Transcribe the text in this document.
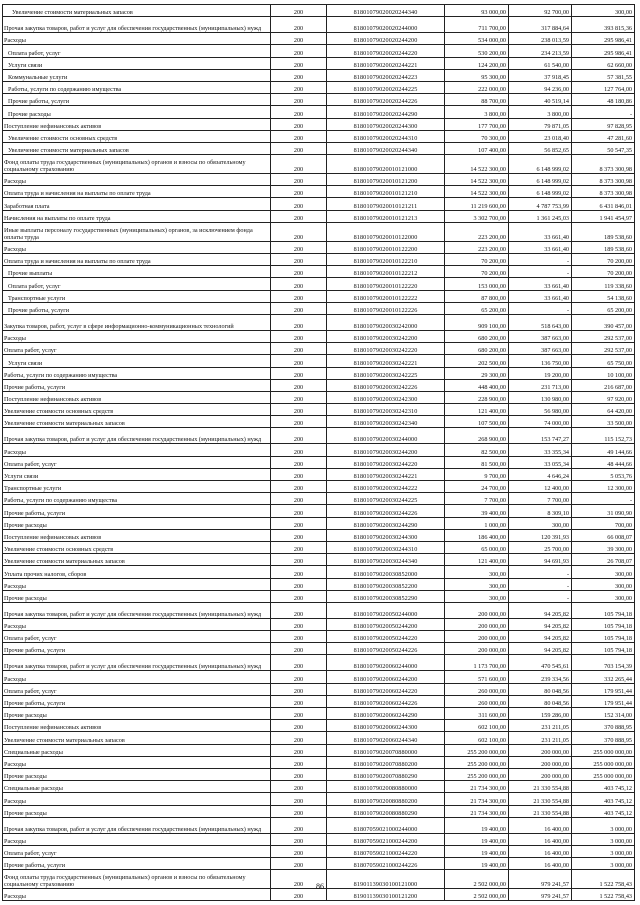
Увеличение стоимости материальных запасов	200	81801079020020244340	93 000,00	92 700,00	300,00
Прочая закупка товаров, работ и услуг для обеспечения государственных (муниципальных) нужд	200	81801079020020244000	711 700,00	317 884,64	393 815,36
Расходы	200	81801079020020244200	534 000,00	238 013,59	295 986,41
Оплата работ, услуг	200	81801079020020244220	530 200,00	234 213,59	295 986,41
Услуги связи	200	81801079020020244221	124 200,00	61 540,00	62 660,00
Коммунальные услуги	200	81801079020020244223	95 300,00	37 918,45	57 381,55
Работы, услуги по содержанию имущества	200	81801079020020244225	222 000,00	94 236,00	127 764,00
Прочие работы, услуги	200	81801079020020244226	88 700,00	40 519,14	48 180,86
Прочие расходы	200	81801079020020244290	3 800,00	3 800,00	-
Поступление нефинансовых активов	200	81801079020020244300	177 700,00	79 871,05	97 828,95
Увеличение стоимости основных средств	200	81801079020020244310	70 300,00	23 018,40	47 281,60
Увеличение стоимости материальных запасов	200	81801079020020244340	107 400,00	56 852,65	50 547,35
Фонд оплаты труда государственных (муниципальных) органов и взносы по обязательному социальному страхованию	200	81801079020010121000	14 522 300,00	6 148 999,02	8 373 300,98
Расходы	200	81801079020010121200	14 522 300,00	6 148 999,02	8 373 300,98
Оплата труда и начисления на выплаты по оплате труда	200	81801079020010121210	14 522 300,00	6 148 999,02	8 373 300,98
Заработная плата	200	81801079020010121211	11 219 600,00	4 787 753,99	6 431 846,01
Начисления на выплаты по оплате труда	200	81801079020010121213	3 302 700,00	1 361 245,03	1 941 454,97
Иные выплаты персоналу государственных (муниципальных) органов, за исключением фонда оплаты труда	200	81801079020010122000	223 200,00	33 661,40	189 538,60
Расходы	200	81801079020010122200	223 200,00	33 661,40	189 538,60
Оплата труда и начисления на выплаты по оплате труда	200	81801079020010122210	70 200,00	-	70 200,00
Прочие выплаты	200	81801079020010122212	70 200,00	-	70 200,00
Оплата работ, услуг	200	81801079020010122220	153 000,00	33 661,40	119 338,60
Транспортные услуги	200	81801079020010122222	87 800,00	33 661,40	54 138,60
Прочие работы, услуги	200	81801079020010122226	65 200,00	-	65 200,00
Закупка товаров, работ, услуг в сфере информационно-коммуникационных технологий	200	81801079020030242000	909 100,00	518 643,00	390 457,00
Расходы	200	81801079020030242200	680 200,00	387 663,00	292 537,00
Оплата работ, услуг	200	81801079020030242220	680 200,00	387 663,00	292 537,00
Услуги связи	200	81801079020030242221	202 500,00	136 750,00	65 750,00
Работы, услуги по содержанию имущества	200	81801079020030242225	29 300,00	19 200,00	10 100,00
Прочие работы, услуги	200	81801079020030242226	448 400,00	231 713,00	216 687,00
Поступление нефинансовых активов	200	81801079020030242300	228 900,00	130 980,00	97 920,00
Увеличение стоимости основных средств	200	81801079020030242310	121 400,00	56 980,00	64 420,00
Увеличение стоимости материальных запасов	200	81801079020030242340	107 500,00	74 000,00	33 500,00
Прочая закупка товаров, работ и услуг для обеспечения государственных (муниципальных) нужд	200	81801079020030244000	268 900,00	153 747,27	115 152,73
Расходы	200	81801079020030244200	82 500,00	33 355,34	49 144,66
Оплата работ, услуг	200	81801079020030244220	81 500,00	33 055,34	48 444,66
Услуги связи	200	81801079020030244221	9 700,00	4 646,24	5 053,76
Транспортные услуги	200	81801079020030244222	24 700,00	12 400,00	12 300,00
Работы, услуги по содержанию имущества	200	81801079020030244225	7 700,00	7 700,00	-
Прочие работы, услуги	200	81801079020030244226	39 400,00	8 309,10	31 090,90
Прочие расходы	200	81801079020030244290	1 000,00	300,00	700,00
Поступление нефинансовых активов	200	81801079020030244300	186 400,00	120 391,93	66 008,07
Увеличение стоимости основных средств	200	81801079020030244310	65 000,00	25 700,00	39 300,00
Увеличение стоимости материальных запасов	200	81801079020030244340	121 400,00	94 691,93	26 708,07
Уплата прочих налогов, сборов	200	81801079020030852000	300,00	-	300,00
Расходы	200	81801079020030852200	300,00	-	300,00
Прочие расходы	200	81801079020030852290	300,00	-	300,00
Прочая закупка товаров, работ и услуг для обеспечения государственных (муниципальных) нужд	200	81801079020050244000	200 000,00	94 205,82	105 794,18
Расходы	200	81801079020050244200	200 000,00	94 205,82	105 794,18
Оплата работ, услуг	200	81801079020050244220	200 000,00	94 205,82	105 794,18
Прочие работы, услуги	200	81801079020050244226	200 000,00	94 205,82	105 794,18
Прочая закупка товаров, работ и услуг для обеспечения государственных (муниципальных) нужд	200	81801079020060244000	1 173 700,00	470 545,61	703 154,39
Расходы	200	81801079020060244200	571 600,00	239 334,56	332 265,44
Оплата работ, услуг	200	81801079020060244220	260 000,00	80 048,56	179 951,44
Прочие работы, услуги	200	81801079020060244226	260 000,00	80 048,56	179 951,44
Прочие расходы	200	81801079020060244290	311 600,00	159 286,00	152 314,00
Поступление нефинансовых активов	200	81801079020060244300	602 100,00	231 211,05	370 888,95
Увеличение стоимости материальных запасов	200	81801079020060244340	602 100,00	231 211,05	370 888,95
Специальные расходы	200	81801079020070880000	255 200 000,00	200 000,00	255 000 000,00
Расходы	200	81801079020070880200	255 200 000,00	200 000,00	255 000 000,00
Прочие расходы	200	81801079020070880290	255 200 000,00	200 000,00	255 000 000,00
Специальные расходы	200	81801079020080880000	21 734 300,00	21 330 554,88	403 745,12
Расходы	200	81801079020080880200	21 734 300,00	21 330 554,88	403 745,12
Прочие расходы	200	81801079020080880290	21 734 300,00	21 330 554,88	403 745,12
Прочая закупка товаров, работ и услуг для обеспечения государственных (муниципальных) нужд	200	81807059021000244000	19 400,00	16 400,00	3 000,00
Расходы	200	81807059021000244200	19 400,00	16 400,00	3 000,00
Оплата работ, услуг	200	81807059021000244220	19 400,00	16 400,00	3 000,00
Прочие работы, услуги	200	81807059021000244226	19 400,00	16 400,00	3 000,00
Фонд оплаты труда государственных (муниципальных) органов и взносы по обязательному социальному страхованию	200	81901139030100121000	2 502 000,00	979 241,57	1 522 758,43
Расходы	200	81901139030100121200	2 502 000,00	979 241,57	1 522 758,43
86
